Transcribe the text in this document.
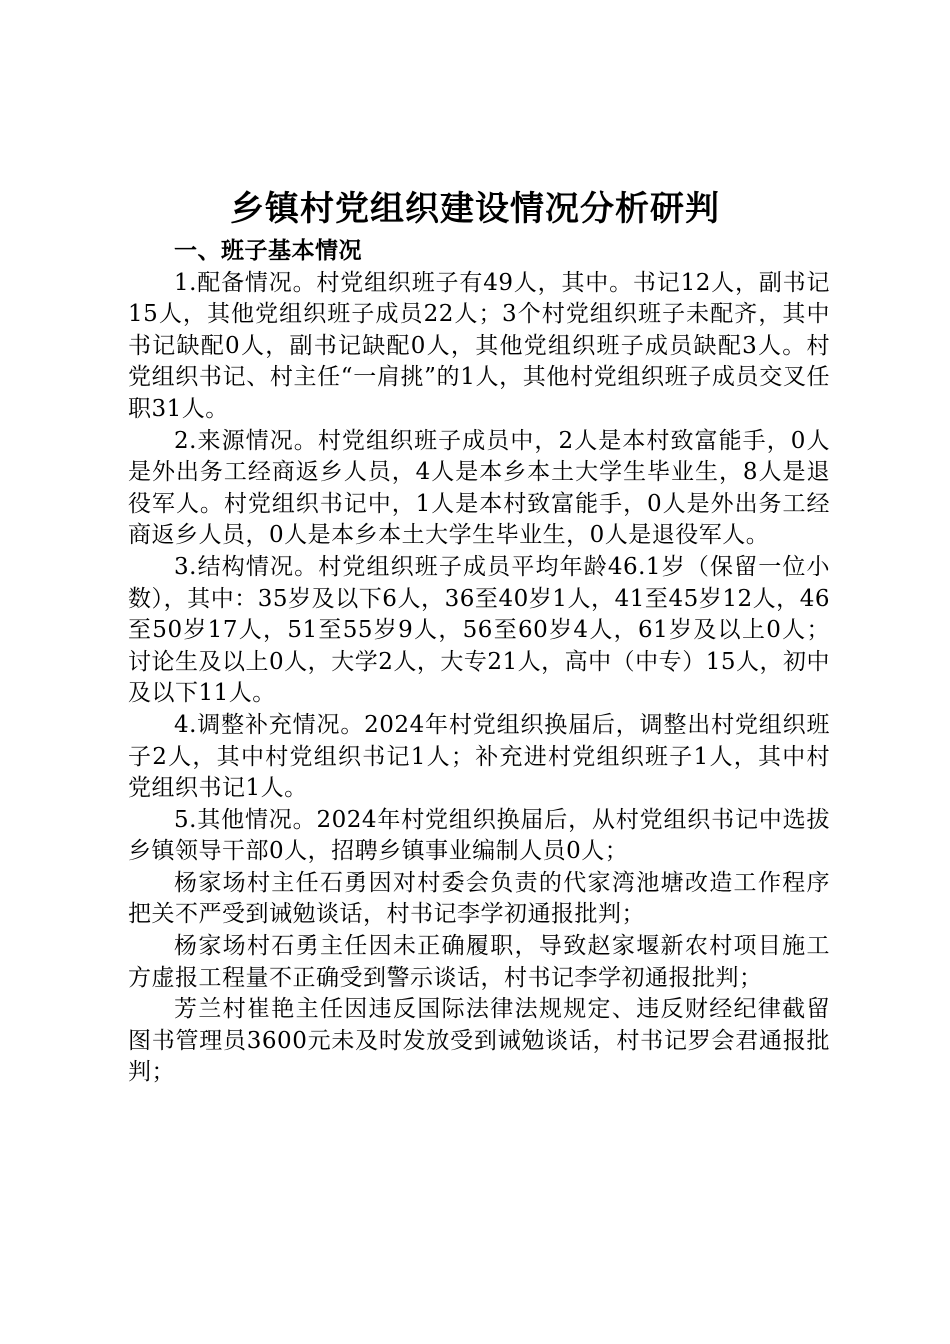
乡镇村党组织建设情况分析研判

一、班子基本情况

1.配备情况。村党组织班子有49人，其中。书记12人，副书记15人，其他党组织班子成员22人；3个村党组织班子未配齐，其中书记缺配0人，副书记缺配0人，其他党组织班子成员缺配3人。村党组织书记、村主任“一肩挑”的1人，其他村党组织班子成员交叉任职31人。

2.来源情况。村党组织班子成员中，2人是本村致富能手，0人是外出务工经商返乡人员，4人是本乡本土大学生毕业生，8人是退役军人。村党组织书记中，1人是本村致富能手，0人是外出务工经商返乡人员，0人是本乡本土大学生毕业生，0人是退役军人。

3.结构情况。村党组织班子成员平均年龄46.1岁（保留一位小数），其中：35岁及以下6人，36至40岁1人，41至45岁12人，46至50岁17人，51至55岁9人，56至60岁4人，61岁及以上0人；讨论生及以上0人，大学2人，大专21人，高中（中专）15人，初中及以下11人。

4.调整补充情况。2024年村党组织换届后，调整出村党组织班子2人，其中村党组织书记1人；补充进村党组织班子1人，其中村党组织书记1人。

5.其他情况。2024年村党组织换届后，从村党组织书记中选拔乡镇领导干部0人，招聘乡镇事业编制人员0人；

杨家场村主任石勇因对村委会负责的代家湾池塘改造工作程序把关不严受到诫勉谈话，村书记李学初通报批判；

杨家场村石勇主任因未正确履职，导致赵家堰新农村项目施工方虚报工程量不正确受到警示谈话，村书记李学初通报批判；

芳兰村崔艳主任因违反国际法律法规规定、违反财经纪律截留图书管理员3600元未及时发放受到诫勉谈话，村书记罗会君通报批判；
